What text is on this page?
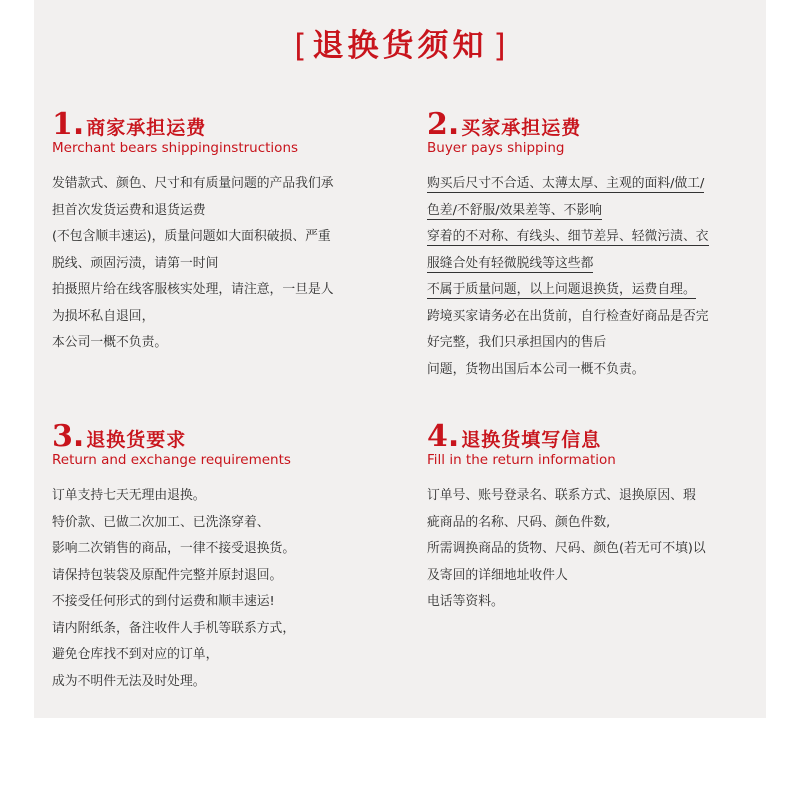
[ 退换货须知 ]
1 . 商家承担运费
Merchant bears shippinginstructions
发错款式、颜色、尺寸和有质量问题的产品我们承
担首次发货运费和退货运费
(不包含顺丰速运)，质量问题如大面积破损、严重
脱线、顽固污渍，请第一时间
拍摄照片给在线客服核实处理，请注意，一旦是人
为损坏私自退回，
本公司一概不负责。
2 . 买家承担运费
Buyer pays shipping
购买后尺寸不合适、太薄太厚、主观的面料/做工/
色差/不舒服/效果差等、不影响
穿着的不对称、有线头、细节差异、轻微污渍、衣
服缝合处有轻微脱线等这些都
不属于质量问题，以上问题退换货，运费自理。
跨境买家请务必在出货前，自行检查好商品是否完
好完整，我们只承担国内的售后
问题，货物出国后本公司一概不负责。
3 . 退换货要求
Return and exchange requirements
订单支持七天无理由退换。
特价款、已做二次加工、已洗涤穿着、
影响二次销售的商品，一律不接受退换货。
请保持包装袋及原配件完整并原封退回。
不接受任何形式的到付运费和顺丰速运!
请内附纸条，备注收件人手机等联系方式，
避免仓库找不到对应的订单，
成为不明件无法及时处理。
4 . 退换货填写信息
Fill in the return information
订单号、账号登录名、联系方式、退换原因、瑕
疵商品的名称、尺码、颜色件数,
所需调换商品的货物、尺码、颜色(若无可不填)以
及寄回的详细地址收件人
电话等资料。
